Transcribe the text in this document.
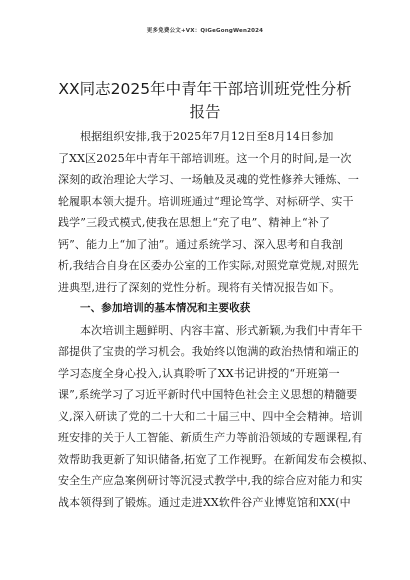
更多免费公文+VX：QiGeGongWen2024
XX同志2025年中青年干部培训班党性分析
报告
根据组织安排,我于2025年7月12日至8月14日参加
了XX区2025年中青年干部培训班。这一个月的时间,是一次
深刻的政治理论大学习、一场触及灵魂的党性修养大锤炼、一
轮履职本领大提升。培训班通过“理论笃学、对标研学、实干
践学”三段式模式,使我在思想上“充了电”、精神上“补了
钙”、能力上“加了油”。通过系统学习、深入思考和自我剖
析,我结合自身在区委办公室的工作实际,对照党章党规,对照先
进典型,进行了深刻的党性分析。现将有关情况报告如下。
一、参加培训的基本情况和主要收获
本次培训主题鲜明、内容丰富、形式新颖,为我们中青年干
部提供了宝贵的学习机会。我始终以饱满的政治热情和端正的
学习态度全身心投入,认真聆听了XX书记讲授的“开班第一
课”,系统学习了习近平新时代中国特色社会主义思想的精髓要
义,深入研读了党的二十大和二十届三中、四中全会精神。培训
班安排的关于人工智能、新质生产力等前沿领域的专题课程,有
效帮助我更新了知识储备,拓宽了工作视野。在新闻发布会模拟、
安全生产应急案例研讨等沉浸式教学中,我的综合应对能力和实
战本领得到了锻炼。通过走进XX软件谷产业博览馆和XX(中
